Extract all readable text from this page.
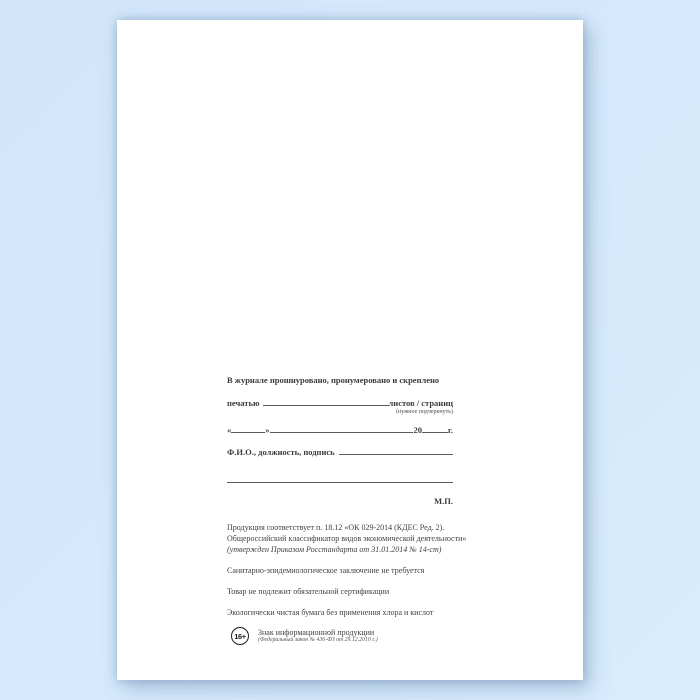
В журнале прошнуровано, пронумеровано и скреплено
печатью	листов / страниц
(нужное подчеркнуть)
«	»	20	г.
Ф.И.О., должность, подпись
М.П.
Продукция соответствует п. 18.12 «ОК 029-2014 (КДЕС Ред. 2).
Общероссийский классификатор видов экономической деятельности»
(утвержден Приказом Росстандарта от 31.01.2014 № 14-ст)
Санитарно-эпидемиологическое заключение не требуется
Товар не подлежит обязательной сертификации
Экологически чистая бумага без применения хлора и кислот
16+	Знак информационной продукции
(Федеральный закон № 436-ФЗ от 29.12.2010 г.)
